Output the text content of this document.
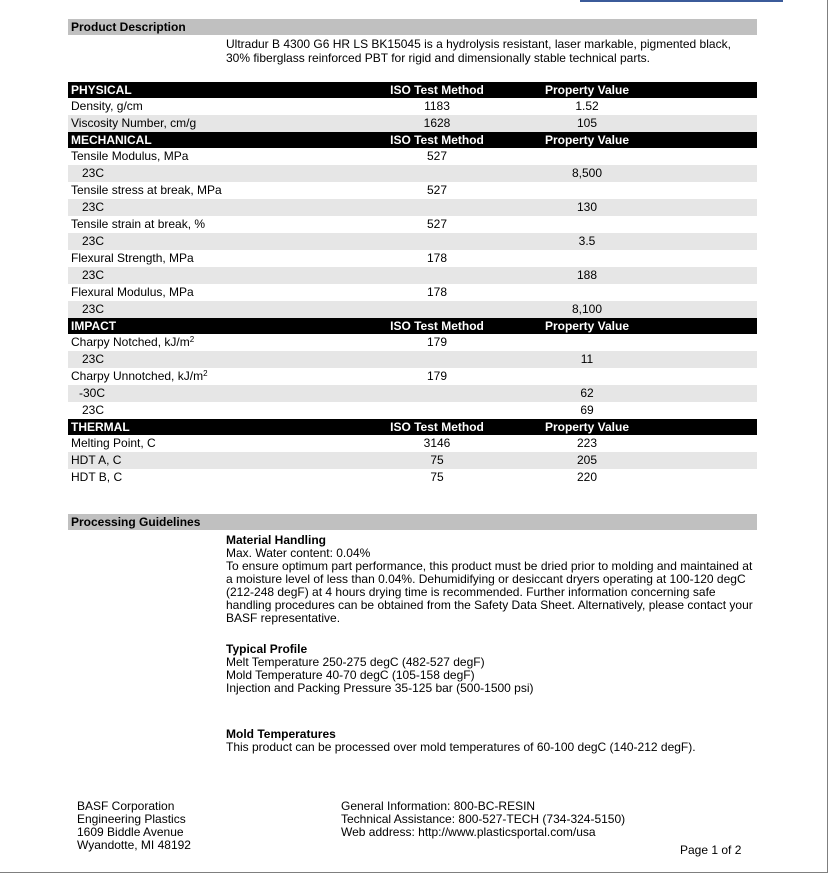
Product Description
Ultradur B 4300 G6 HR LS BK15045 is a hydrolysis resistant, laser markable, pigmented black, 30% fiberglass reinforced PBT for rigid and dimensionally stable technical parts.
PHYSICAL	ISO Test Method	Property Value	
Density, g/cm	1183	1.52	
Viscosity Number, cm/g	1628	105	
MECHANICAL	ISO Test Method	Property Value	
Tensile Modulus, MPa	527		
23C		8,500	
Tensile stress at break, MPa	527		
23C		130	
Tensile strain at break, %	527		
23C		3.5	
Flexural Strength, MPa	178		
23C		188	
Flexural Modulus, MPa	178		
23C		8,100	
IMPACT	ISO Test Method	Property Value	
Charpy Notched, $kJ/m^2$	179		
23C		11	
Charpy Unnotched, $kJ/m^2$	179		
-30C		62	
23C		69	
THERMAL	ISO Test Method	Property Value	
Melting Point, C	3146	223	
HDT A, C	75	205	
HDT B, C	75	220	
Processing Guidelines
Material Handling
Max. Water content: 0.04%
To ensure optimum part performance, this product must be dried prior to molding and maintained at
a moisture level of less than 0.04%. Dehumidifying or desiccant dryers operating at 100-120 degC
(212-248 degF) at 4 hours drying time is recommended. Further information concerning safe
handling procedures can be obtained from the Safety Data Sheet. Alternatively, please contact your
BASF representative.
Typical Profile
Melt Temperature 250-275 degC (482-527 degF)
Mold Temperature 40-70 degC (105-158 degF)
Injection and Packing Pressure 35-125 bar (500-1500 psi)
Mold Temperatures
This product can be processed over mold temperatures of 60-100 degC (140-212 degF).
BASF Corporation
Engineering Plastics
1609 Biddle Avenue
Wyandotte, MI 48192
General Information: 800-BC-RESIN
Technical Assistance: 800-527-TECH (734-324-5150)
Web address: http://www.plasticsportal.com/usa
Page 1 of 2
